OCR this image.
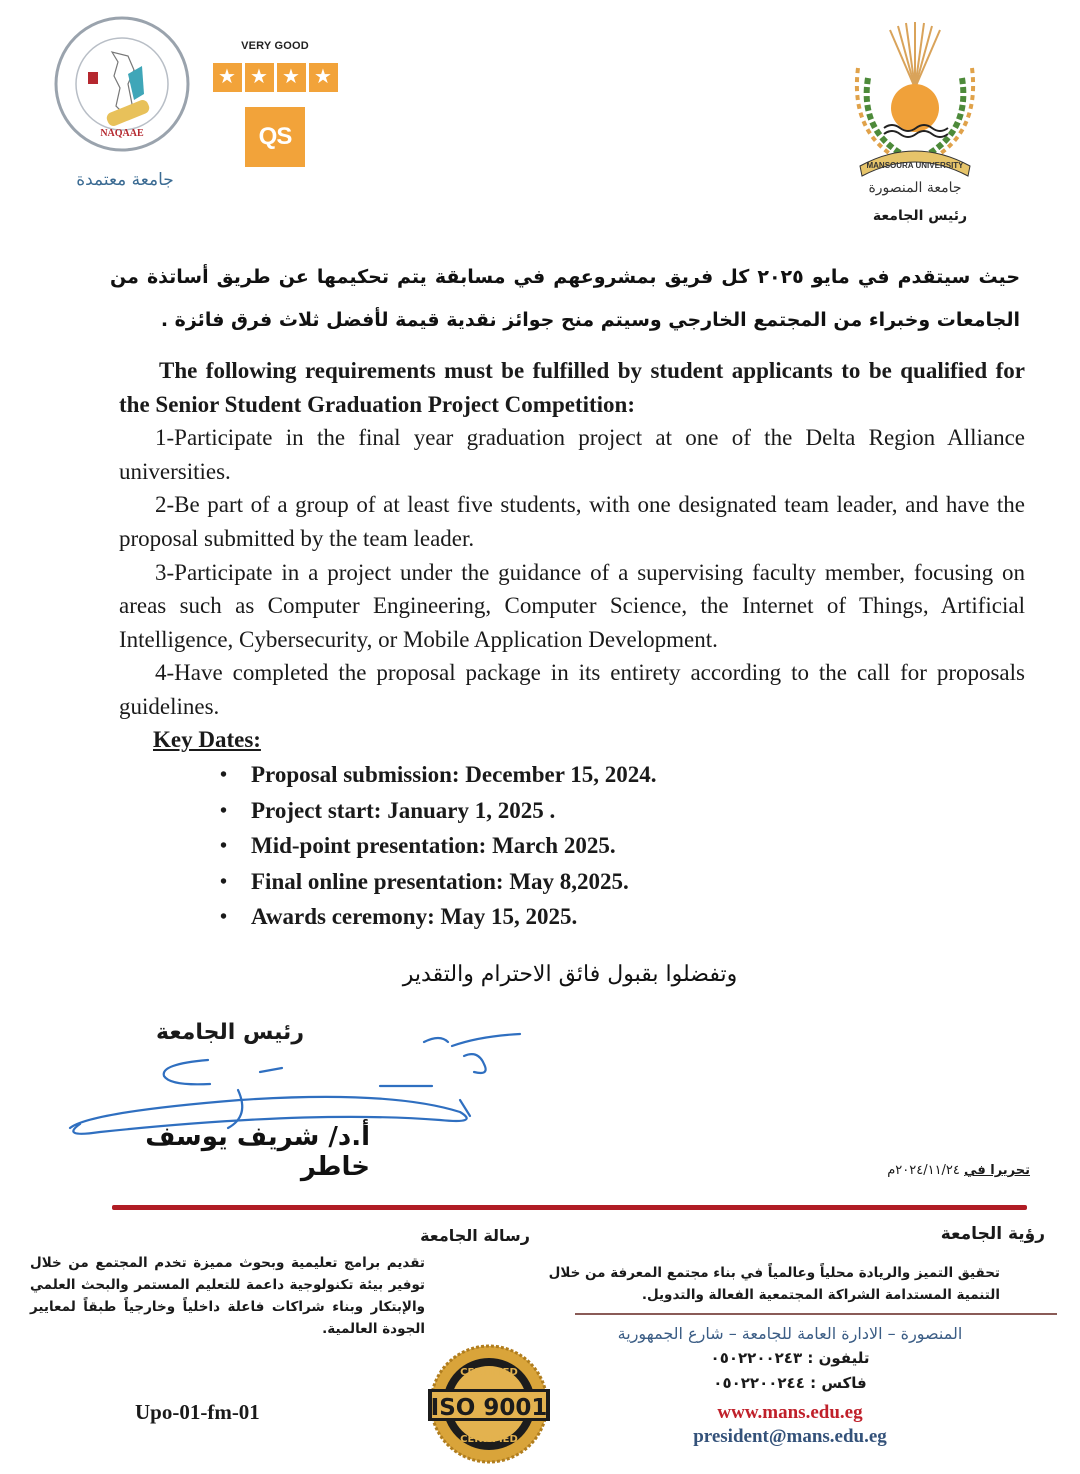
NAQAAE
جامعة معتمدة
VERY GOOD
★ ★ ★ ★
QS
MANSOURA UNIVERSITY
جامعة المنصورة
رئيس الجامعة
حيث سيتقدم في مايو ٢٠٢٥ كل فريق بمشروعهم في مسابقة يتم تحكيمها عن طريق أساتذة من الجامعات وخبراء من المجتمع الخارجي وسيتم منح جوائز نقدية قيمة لأفضل ثلاث فرق فائزة .

The following requirements must be fulfilled by student applicants to be qualified for the Senior Student Graduation Project Competition:

1-Participate in the final year graduation project at one of the Delta Region Alliance universities.

2-Be part of a group of at least five students, with one designated team leader, and have the proposal submitted by the team leader.

3-Participate in a project under the guidance of a supervising faculty member, focusing on areas such as Computer Engineering, Computer Science, the Internet of Things, Artificial Intelligence, Cybersecurity, or Mobile Application Development.

4-Have completed the proposal package in its entirety according to the call for proposals guidelines.

Key Dates:
• Proposal submission: December 15, 2024.
• Project start: January 1, 2025 .
• Mid-point presentation: March 2025.
• Final online presentation: May 8,2025.
• Awards ceremony: May 15, 2025.
وتفضلوا بقبول فائق الاحترام والتقدير
رئيس الجامعة
أ.د/ شريف يوسف خاطر	تحريرا في ٢٠٢٤/١١/٢٤م
رؤية الجامعة
تحقيق التميز والريادة محلياً وعالمياً في بناء مجتمع المعرفة من خلال التنمية المستدامة الشراكة المجتمعية الفعالة والتدويل.
رسالة الجامعة
تقديم برامج تعليمية وبحوث مميزة تخدم المجتمع من خلال توفير بيئة تكنولوجية داعمة للتعليم المستمر والبحث العلمي والإبتكار وبناء شراكات فاعلة داخلياً وخارجياً طبقاً لمعايير الجودة العالمية.	المنصورة – الادارة العامة للجامعة – شارع الجمهورية
تليفون : ٠٥٠٢٢٠٠٢٤٣
فاكس : ٠٥٠٢٢٠٠٢٤٤
www.mans.edu.eg
president@mans.edu.eg
ISO 9001
CERTIFIED
CERTIFIED
Upo-01-fm-01
